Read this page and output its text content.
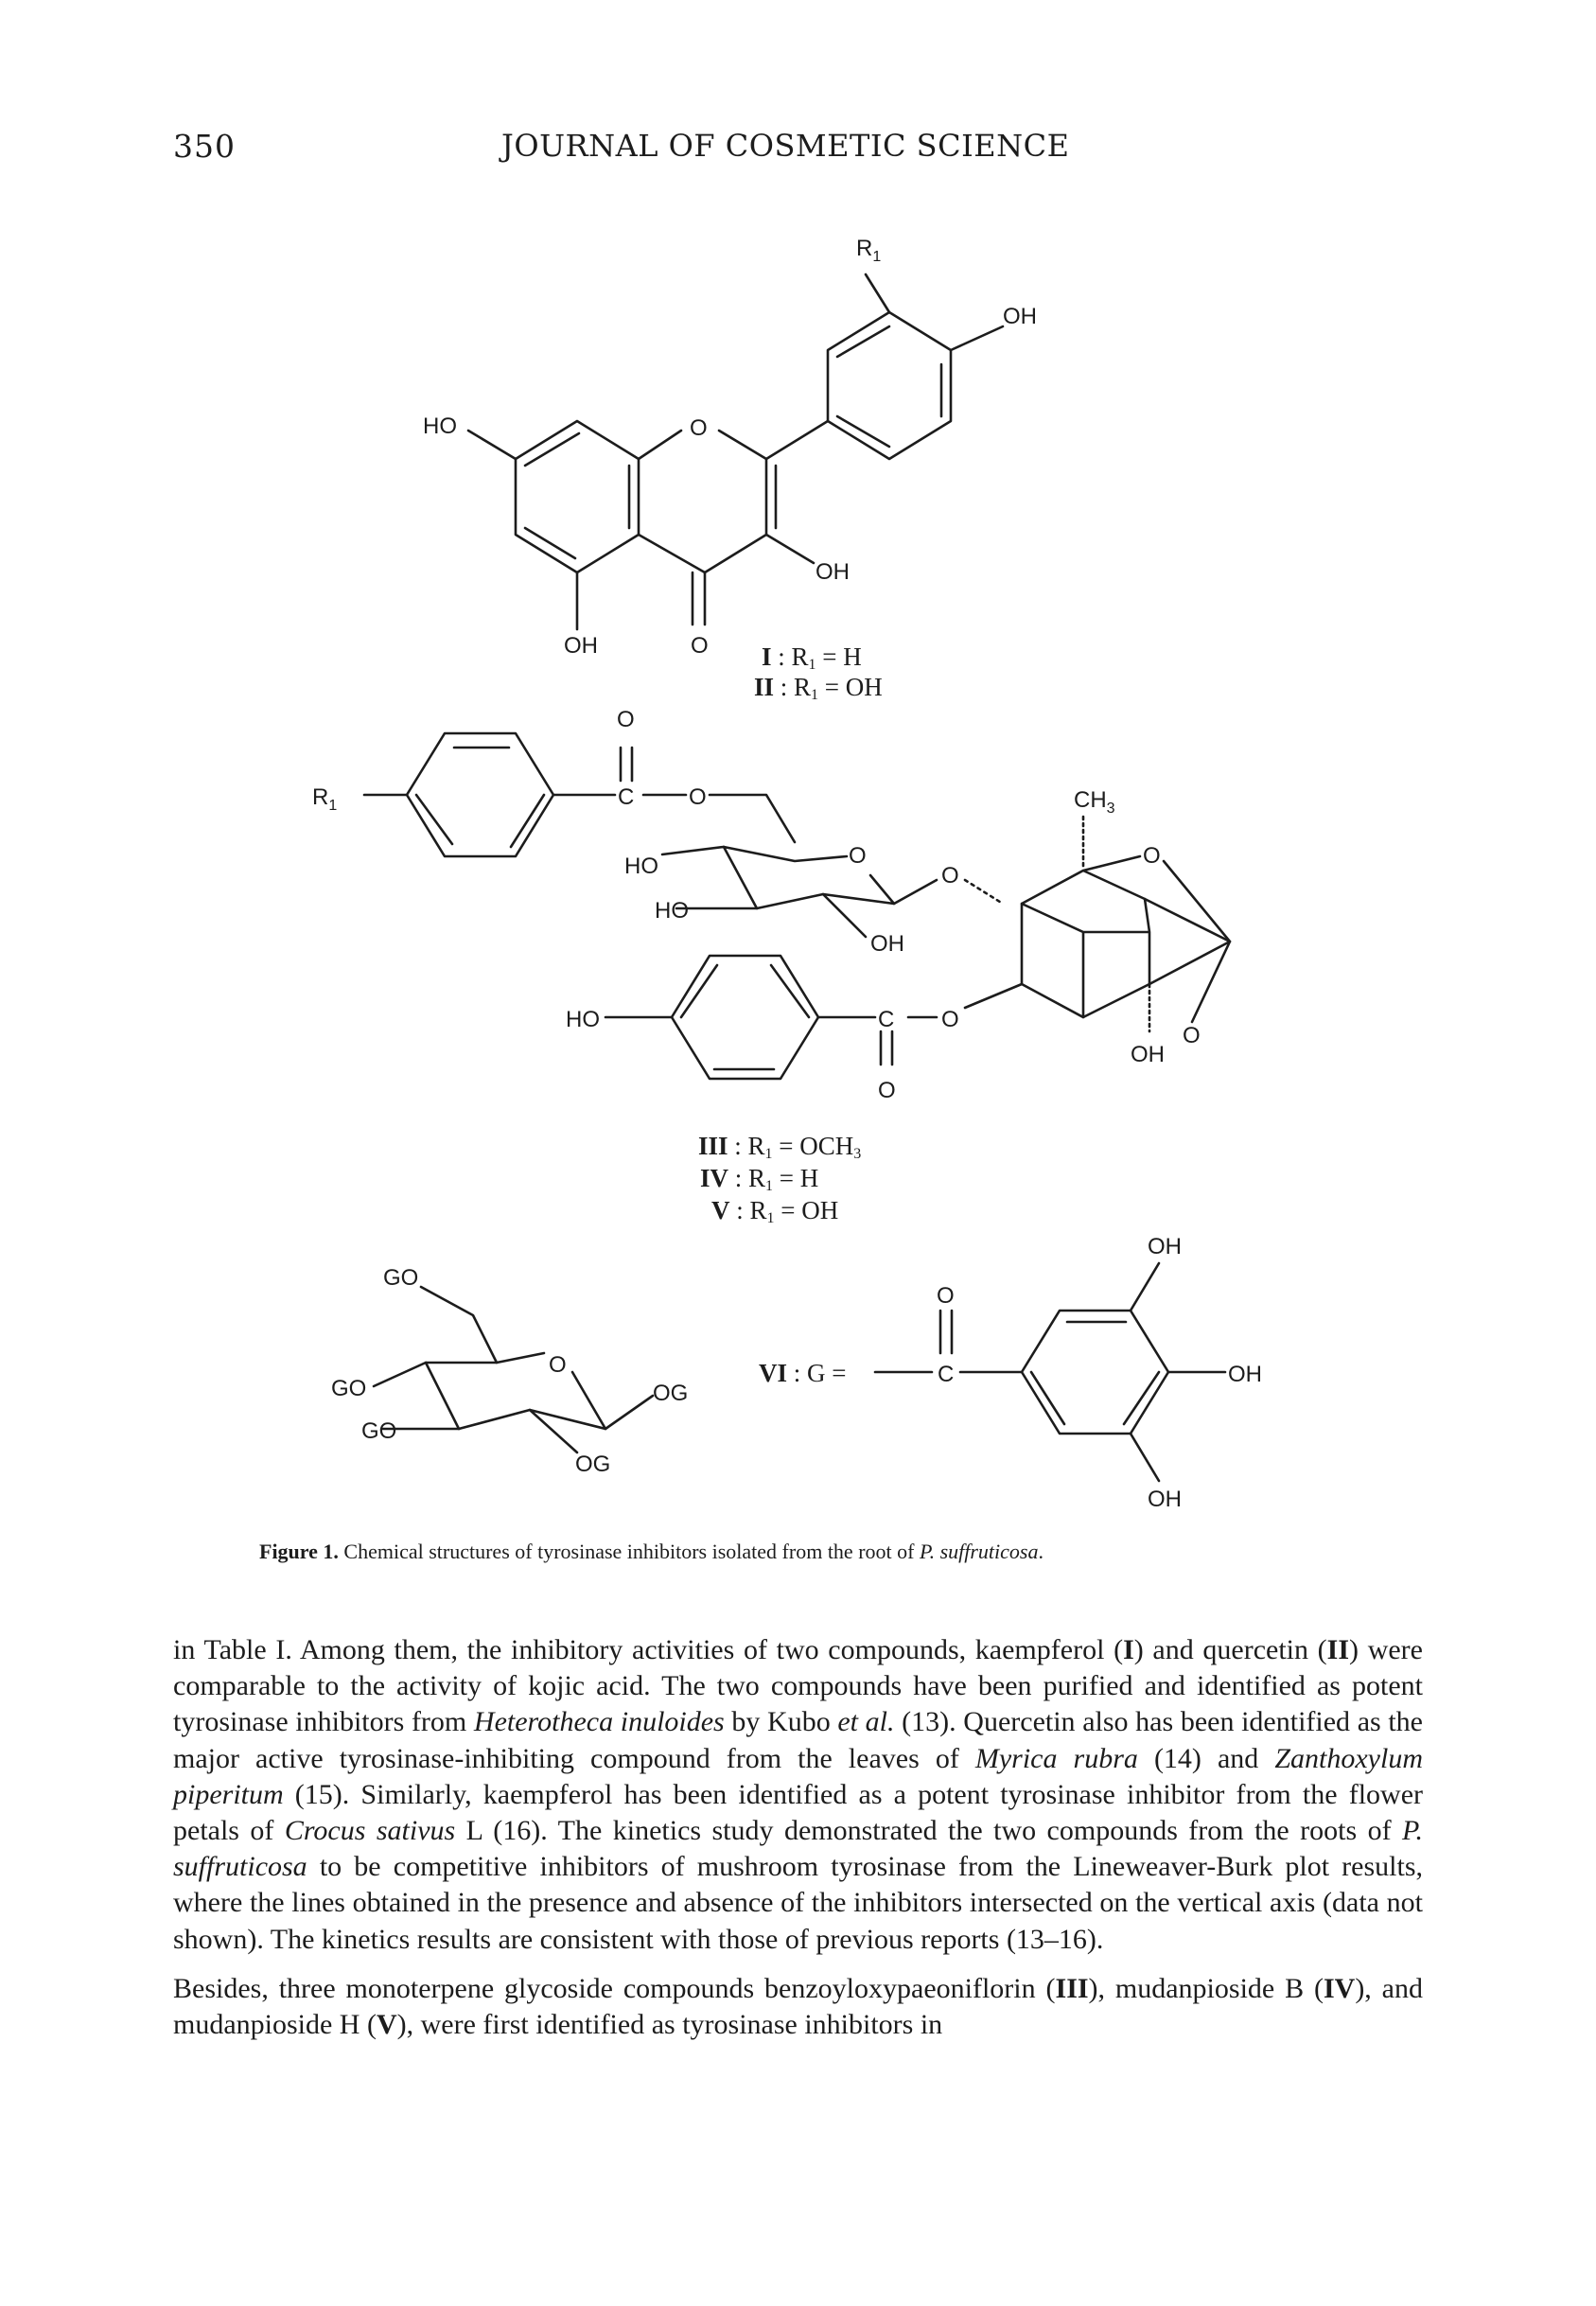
350	JOURNAL OF COSMETIC SCIENCE
$R_1$
OH
HO	O
OH
OH	O I : R1 = H
II : R1 = OH
$R_1$
O
C O
HO
HO
O
OH
O
$CH_3$
O
O
OH
O
C
O
HO
III : R1 = OCH3
IV : R1 = H
V : R1 = OH
GO
GO
GO
O
OG
OG
VI : G =
O
C
OH
OH
OH
Figure 1. Chemical structures of tyrosinase inhibitors isolated from the root of P. suffruticosa.

in Table I. Among them, the inhibitory activities of two compounds, kaempferol (I) and quercetin (II) were comparable to the activity of kojic acid. The two compounds have been purified and identified as potent tyrosinase inhibitors from Heterotheca inuloides by Kubo et al. (13). Quercetin also has been identified as the major active tyrosinase-inhibiting compound from the leaves of Myrica rubra (14) and Zanthoxylum piperitum (15). Similarly, kaempferol has been identified as a potent tyrosinase inhibitor from the flower petals of Crocus sativus L (16). The kinetics study demonstrated the two compounds from the roots of P. suffruticosa to be competitive inhibitors of mushroom tyrosinase from the Lineweaver-Burk plot results, where the lines obtained in the presence and absence of the inhibitors intersected on the vertical axis (data not shown). The kinetics results are consistent with those of previous reports (13–16).

Besides, three monoterpene glycoside compounds benzoyloxypaeoniflorin (III), mudanpioside B (IV), and mudanpioside H (V), were first identified as tyrosinase inhibitors in
